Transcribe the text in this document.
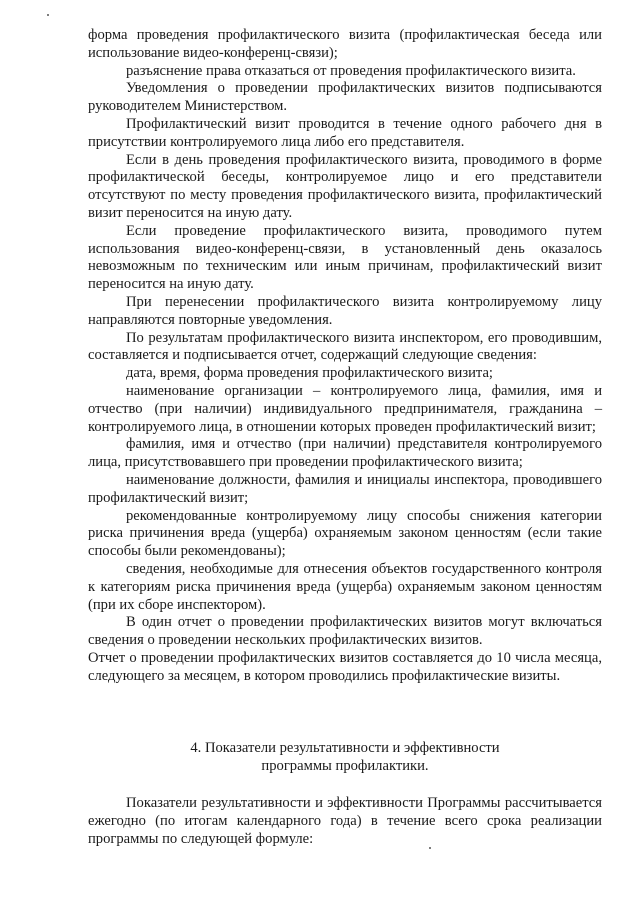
форма проведения профилактического визита (профилактическая беседа или использование видео-конференц-связи);

разъяснение права отказаться от проведения профилактического визита.

Уведомления о проведении профилактических визитов подписываются руководителем Министерством.

Профилактический визит проводится в течение одного рабочего дня в присутствии контролируемого лица либо его представителя.

Если в день проведения профилактического визита, проводимого в форме профилактической беседы, контролируемое лицо и его представители отсутствуют по месту проведения профилактического визита, профилактический визит переносится на иную дату.

Если проведение профилактического визита, проводимого путем использования видео-конференц-связи, в установленный день оказалось невозможным по техническим или иным причинам, профилактический визит переносится на иную дату.

При перенесении профилактического визита контролируемому лицу направляются повторные уведомления.

По результатам профилактического визита инспектором, его проводившим, составляется и подписывается отчет, содержащий следующие сведения:

дата, время, форма проведения профилактического визита;

наименование организации – контролируемого лица, фамилия, имя и отчество (при наличии) индивидуального предпринимателя, гражданина – контролируемого лица, в отношении которых проведен профилактический визит;

фамилия, имя и отчество (при наличии) представителя контролируемого лица, присутствовавшего при проведении профилактического визита;

наименование должности, фамилия и инициалы инспектора, проводившего профилактический визит;

рекомендованные контролируемому лицу способы снижения категории риска причинения вреда (ущерба) охраняемым законом ценностям (если такие способы были рекомендованы);

сведения, необходимые для отнесения объектов государственного контроля к категориям риска причинения вреда (ущерба) охраняемым законом ценностям (при их сборе инспектором).

В один отчет о проведении профилактических визитов могут включаться сведения о проведении нескольких профилактических визитов.

Отчет о проведении профилактических визитов составляется до 10 числа месяца, следующего за месяцем, в котором проводились профилактические визиты.

4. Показатели результативности и эффективности
программы профилактики.

Показатели результативности и эффективности Программы рассчитывается ежегодно (по итогам календарного года) в течение всего срока реализации программы по следующей формуле:
